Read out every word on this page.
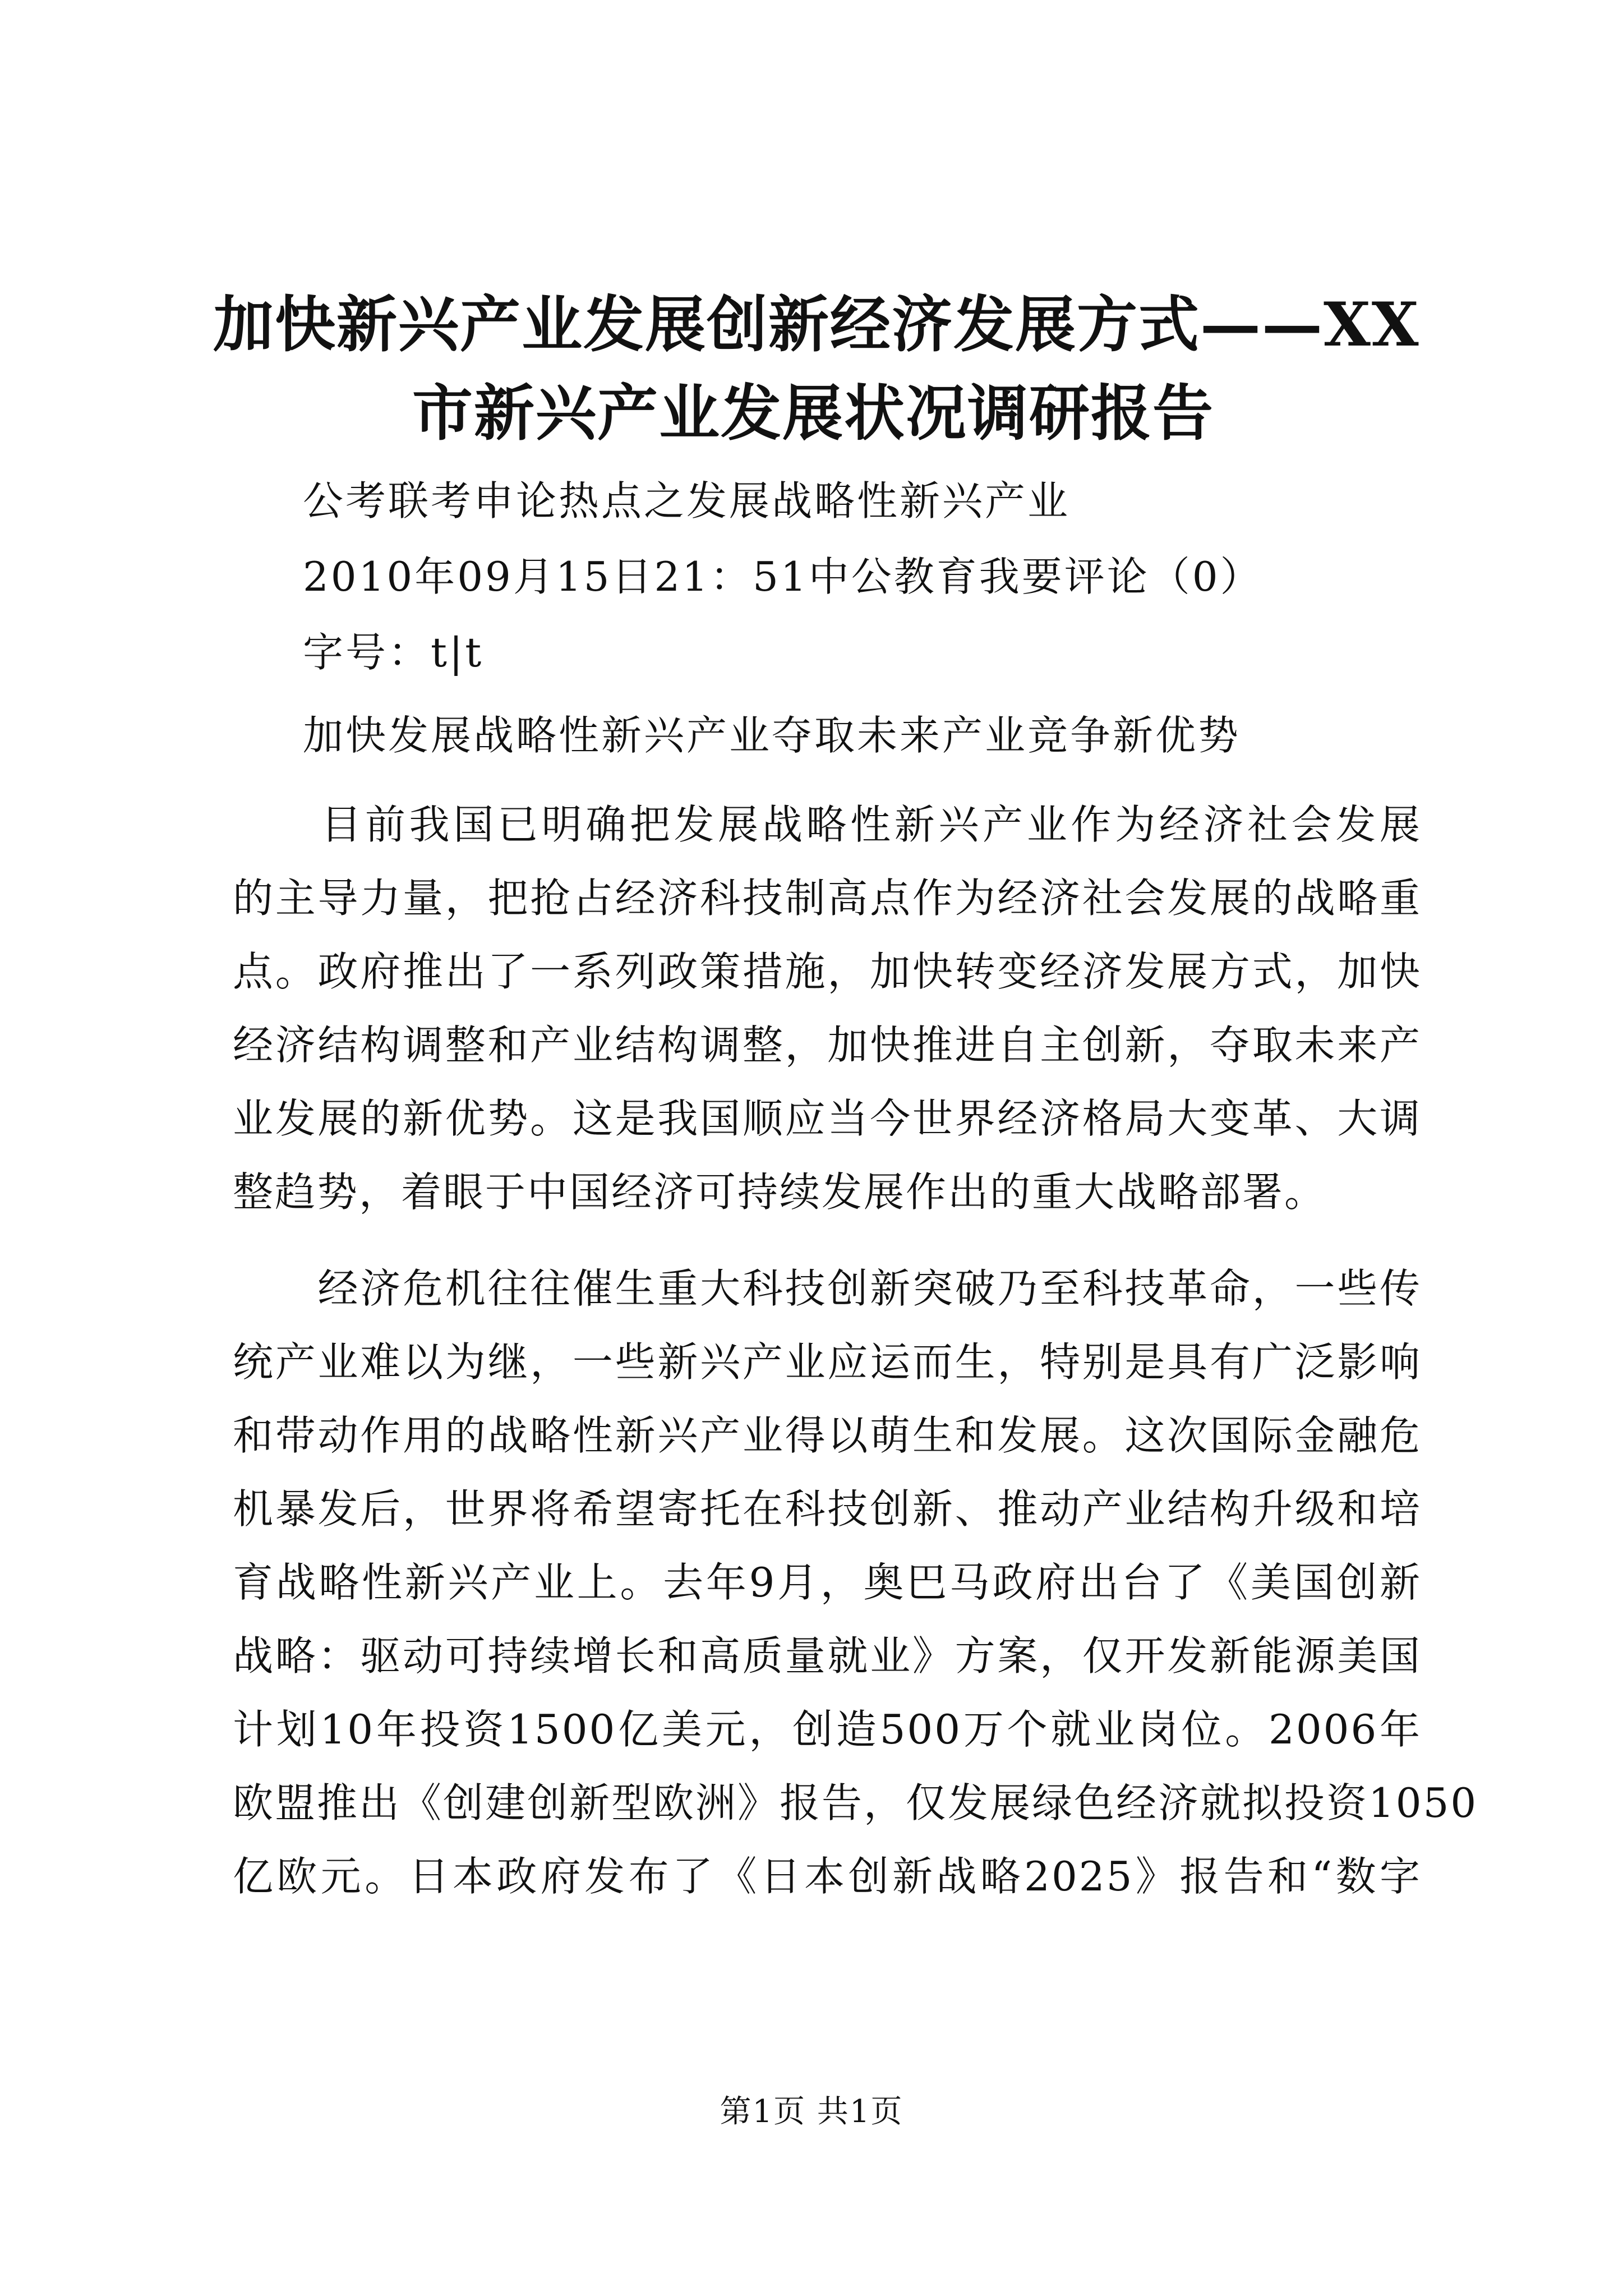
加快新兴产业发展创新经济发展方式——XX
市新兴产业发展状况调研报告
公考联考申论热点之发展战略性新兴产业
2010年09月15日21：51中公教育我要评论（0）
字号：t|t
加快发展战略性新兴产业夺取未来产业竞争新优势
　　目前我国已明确把发展战略性新兴产业作为经济社会发展
的主导力量，把抢占经济科技制高点作为经济社会发展的战略重
点。政府推出了一系列政策措施，加快转变经济发展方式，加快
经济结构调整和产业结构调整，加快推进自主创新，夺取未来产
业发展的新优势。这是我国顺应当今世界经济格局大变革、大调
整趋势，着眼于中国经济可持续发展作出的重大战略部署。
　　经济危机往往催生重大科技创新突破乃至科技革命，一些传
统产业难以为继，一些新兴产业应运而生，特别是具有广泛影响
和带动作用的战略性新兴产业得以萌生和发展。这次国际金融危
机暴发后，世界将希望寄托在科技创新、推动产业结构升级和培
育战略性新兴产业上。去年9月，奥巴马政府出台了《美国创新
战略：驱动可持续增长和高质量就业》方案，仅开发新能源美国
计划10年投资1500亿美元，创造500万个就业岗位。2006年
欧盟推出《创建创新型欧洲》报告，仅发展绿色经济就拟投资1050
亿欧元。日本政府发布了《日本创新战略2025》报告和“数字
第1页 共1页
